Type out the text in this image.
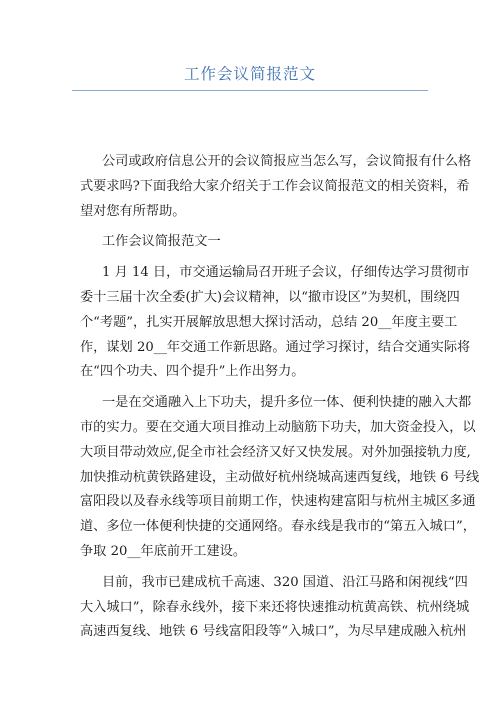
工作会议简报范文

公司或政府信息公开的会议简报应当怎么写，会议简报有什么格
式要求吗?下面我给大家介绍关于工作会议简报范文的相关资料，希
望对您有所帮助。

工作会议简报范文一

1 月 14 日，市交通运输局召开班子会议，仔细传达学习贯彻市
委十三届十次全委(扩大)会议精神，以“撤市设区”为契机，围绕四
个“考题”，扎实开展解放思想大探讨活动，总结 20__年度主要工
作，谋划 20__年交通工作新思路。通过学习探讨，结合交通实际将
在“四个功夫、四个提升”上作出努力。

一是在交通融入上下功夫，提升多位一体、便利快捷的融入大都
市的实力。要在交通大项目推动上动脑筋下功夫，加大资金投入，以
大项目带动效应,促全市社会经济又好又快发展。对外加强接轨力度,
加快推动杭黄铁路建设，主动做好杭州绕城高速西复线，地铁 6 号线
富阳段以及春永线等项目前期工作，快速构建富阳与杭州主城区多通
道、多位一体便利快捷的交通网络。春永线是我市的“第五入城口”，
争取 20__年底前开工建设。

目前，我市已建成杭千高速、320 国道、沿江马路和闲视线“四
大入城口”，除春永线外，接下来还将快速推动杭黄高铁、杭州绕城
高速西复线、地铁 6 号线富阳段等“入城口”，为尽早建成融入杭州
